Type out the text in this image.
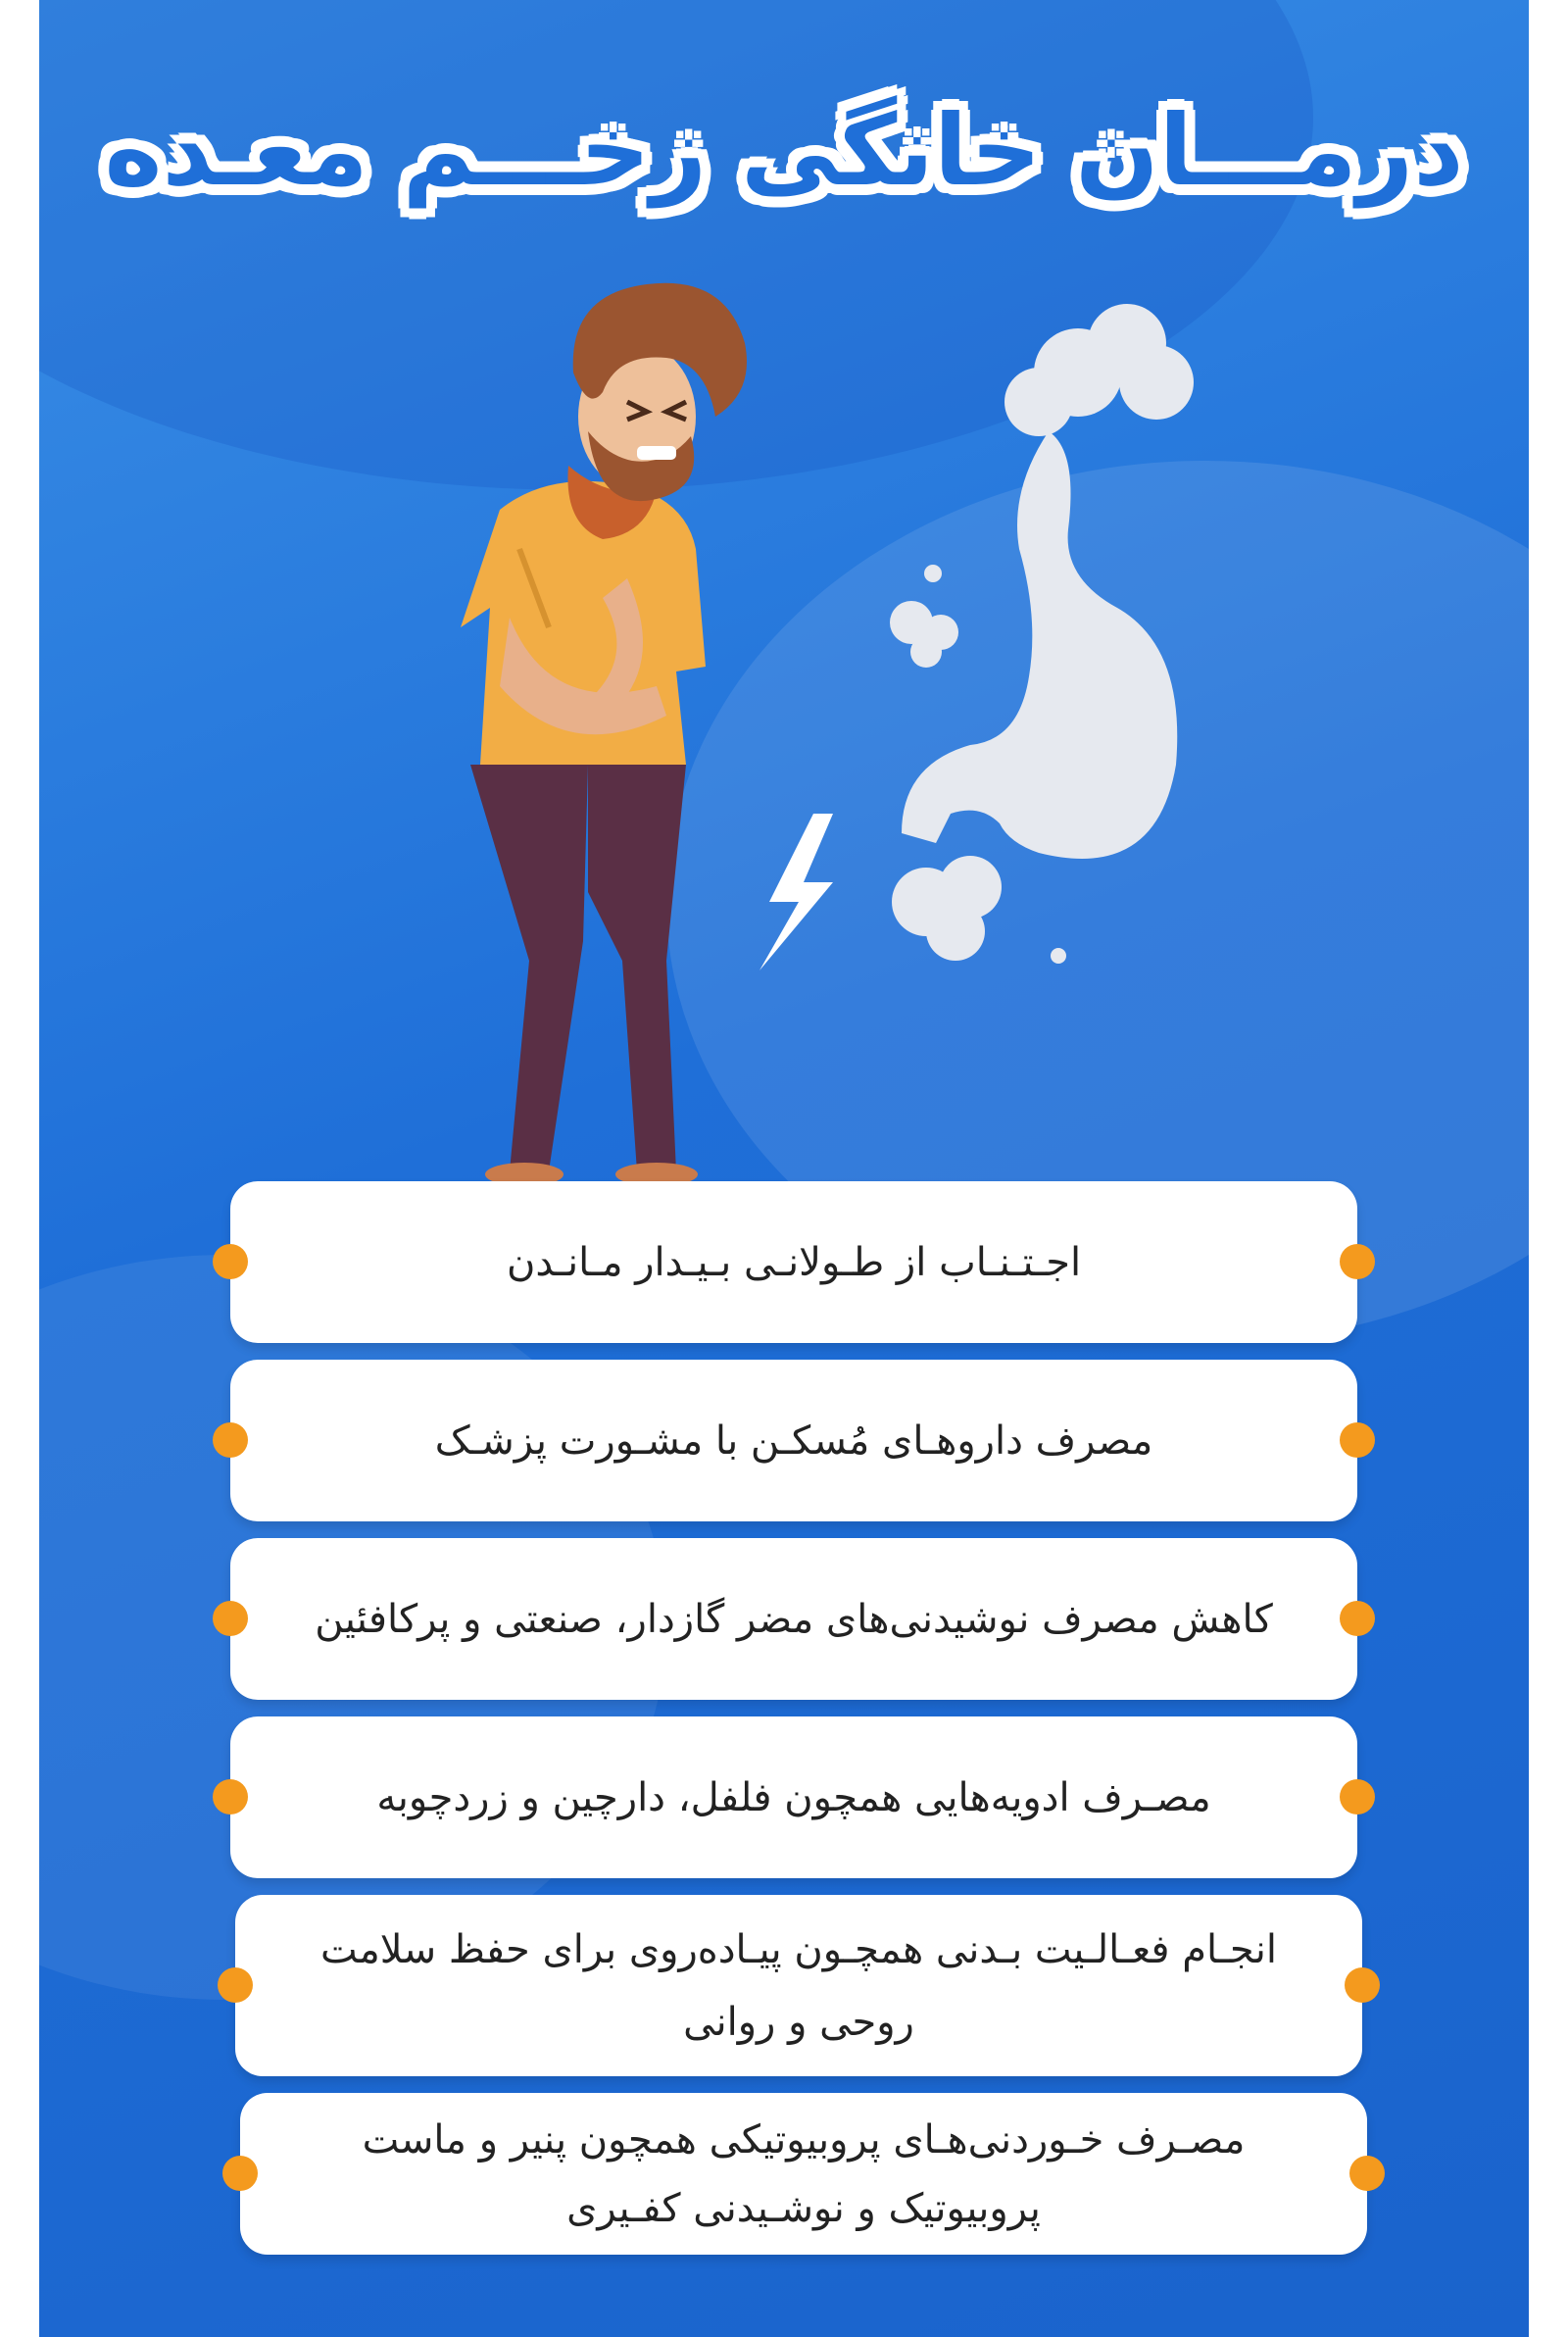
درمـــان خانگی زخـــم معـده
اجـتـنـاب از طـولانـی بـیـدار مـانـدن
مصرف داروهـای مُسکـن با مشـورت پزشـک
کاهش مصرف نوشیدنی‌های مضر گازدار، صنعتی و پرکافئین
مصـرف ادویه‌هایی همچون فلفل، دارچین و زردچوبه
انجـام فعـالـیت بـدنی همچـون پیـاده‌روی برای حفظ سلامت روحی و روانی
مصـرف خـوردنی‌هـای پروبیوتیکی همچون پنیر و ماست پروبیوتیک و نوشـیدنی کفـیری
